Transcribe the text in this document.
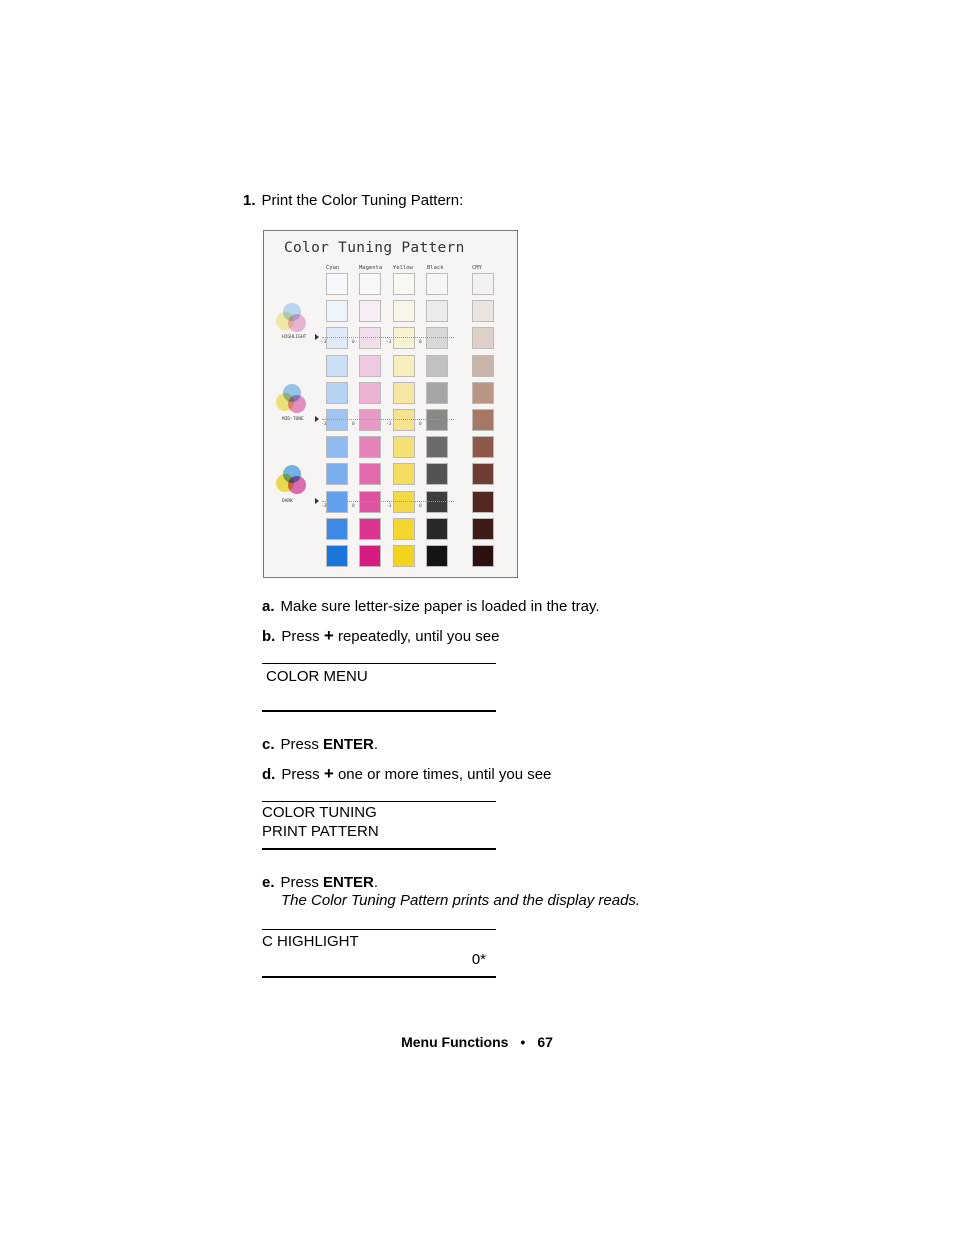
1. Print the Color Tuning Pattern:
Color Tuning Pattern
Cyan	Magenta Yellow	Black	CMY
HIGHLIGHT
-3	0	-3	0
MID-TONE
-3	0	-3	0
DARK
-3	0	-3	0
a. Make sure letter-size paper is loaded in the tray.
b. Press + repeatedly, until you see
COLOR MENU
c. Press ENTER.
d. Press + one or more times, until you see
COLOR TUNING
PRINT PATTERN
e. Press ENTER.
The Color Tuning Pattern prints and the display reads.
C HIGHLIGHT
0*
Menu Functions • 67
